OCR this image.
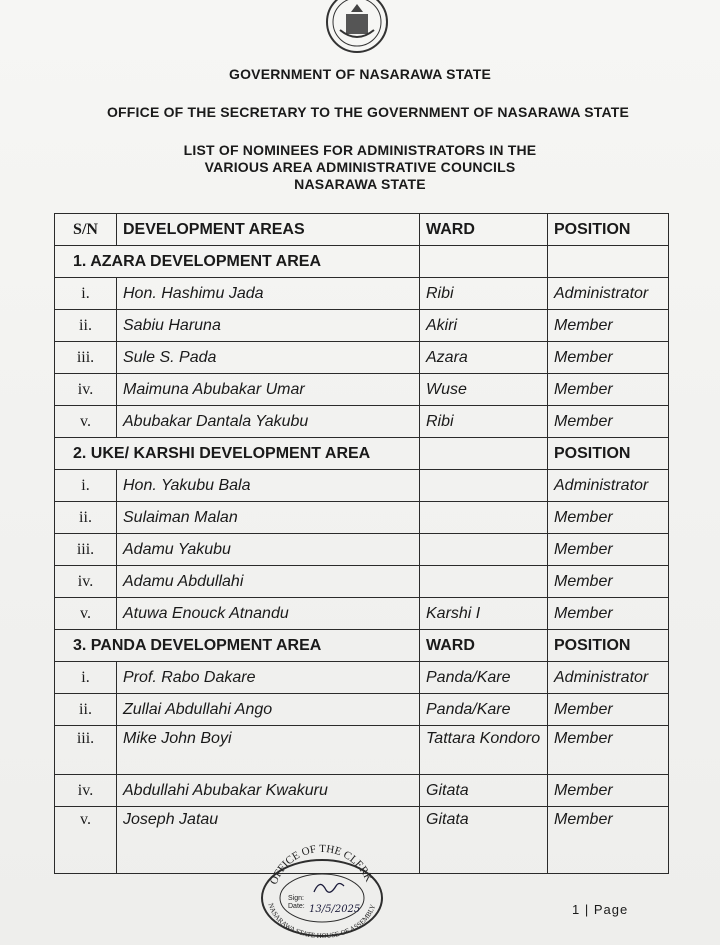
GOVERNMENT OF NASARAWA STATE
OFFICE OF THE SECRETARY TO THE GOVERNMENT OF NASARAWA STATE
LIST OF NOMINEES FOR ADMINISTRATORS IN THE
VARIOUS AREA ADMINISTRATIVE COUNCILS
NASARAWA STATE
S/N	DEVELOPMENT AREAS	WARD	POSITION
1. AZARA DEVELOPMENT AREA			
i.	Hon. Hashimu Jada	Ribi	Administrator
ii.	Sabiu Haruna	Akiri	Member
iii.	Sule S. Pada	Azara	Member
iv.	Maimuna Abubakar Umar	Wuse	Member
v.	Abubakar Dantala Yakubu	Ribi	Member
2. UKE/ KARSHI DEVELOPMENT AREA			POSITION
i.	Hon. Yakubu Bala		Administrator
ii.	Sulaiman Malan		Member
iii.	Adamu Yakubu		Member
iv.	Adamu Abdullahi		Member
v.	Atuwa Enouck Atnandu	Karshi I	Member
3. PANDA DEVELOPMENT AREA		WARD	POSITION
i.	Prof. Rabo Dakare	Panda/Kare	Administrator
ii.	Zullai Abdullahi Ango	Panda/Kare	Member
iii.	Mike John Boyi	Tattara Kondoro	Member
iv.	Abdullahi Abubakar Kwakuru	Gitata	Member
v.	Joseph Jatau	Gitata	Member
OFFICE OF THE CLERK
NASARAWA STATE HOUSE OF ASSEMBLY
Sign:
Date: 13/5/2025	1 | Page
